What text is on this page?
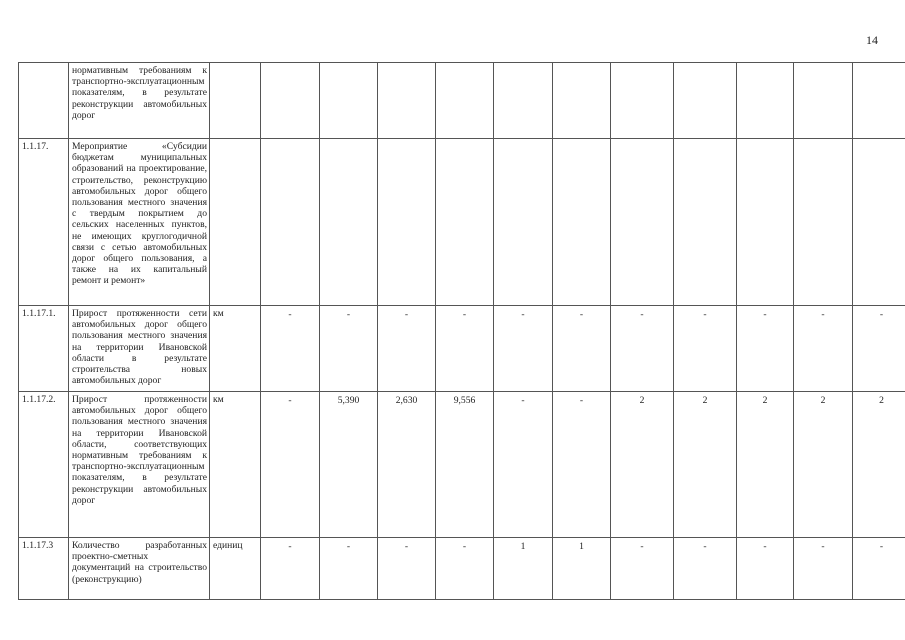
14
	нормативным требованиям к транспортно-эксплуатационным показателям, в результате реконструкции автомобильных дорог												
1.1.17.	Мероприятие «Субсидии бюджетам муниципальных образований на проектирование, строительство, реконструкцию автомобильных дорог общего пользования местного значения с твердым покрытием до сельских населенных пунктов, не имеющих круглогодичной связи с сетью автомобильных дорог общего пользования, а также на их капитальный ремонт и ремонт»												
1.1.17.1.	Прирост протяженности сети автомобильных дорог общего пользования местного значения на территории Ивановской области в результате строительства новых автомобильных дорог	км	-	-	-	-	-	-	-	-	-	-	-
1.1.17.2.	Прирост протяженности автомобильных дорог общего пользования местного значения на территории Ивановской области, соответствующих нормативным требованиям к транспортно-эксплуатационным показателям, в результате реконструкции автомобильных дорог	км	-	5,390	2,630	9,556	-	-	2	2	2	2	2
1.1.17.3	Количество разработанных проектно-сметных документаций на строительство (реконструкцию)	единиц	-	-	-	-	1	1	-	-	-	-	-
